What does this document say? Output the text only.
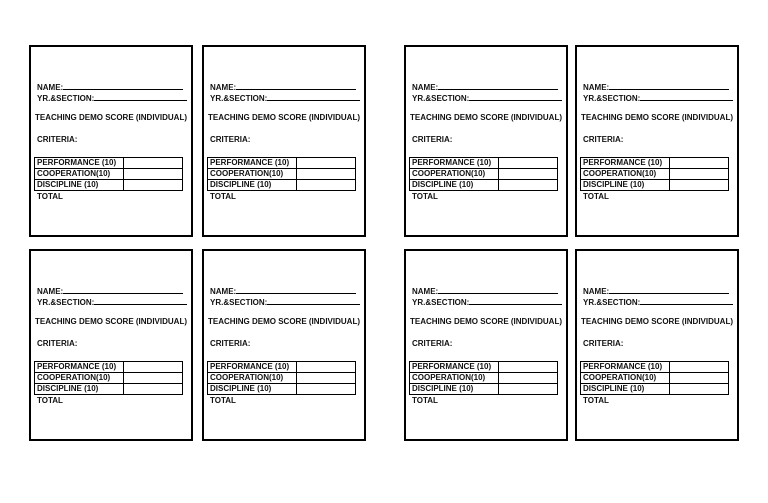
NAME:
YR.&SECTION:
TEACHING DEMO SCORE (INDIVIDUAL)
CRITERIA:
PERFORMANCE (10)	
COOPERATION(10)	
DISCIPLINE (10)	
TOTAL
NAME:
YR.&SECTION:
TEACHING DEMO SCORE (INDIVIDUAL)
CRITERIA:
PERFORMANCE (10)	
COOPERATION(10)	
DISCIPLINE (10)	
TOTAL
NAME:
YR.&SECTION:
TEACHING DEMO SCORE (INDIVIDUAL)
CRITERIA:
PERFORMANCE (10)	
COOPERATION(10)	
DISCIPLINE (10)	
TOTAL
NAME:
YR.&SECTION:
TEACHING DEMO SCORE (INDIVIDUAL)
CRITERIA:
PERFORMANCE (10)	
COOPERATION(10)	
DISCIPLINE (10)	
TOTAL
NAME:
YR.&SECTION:
TEACHING DEMO SCORE (INDIVIDUAL)
CRITERIA:
PERFORMANCE (10)	
COOPERATION(10)	
DISCIPLINE (10)	
TOTAL
NAME:
YR.&SECTION:
TEACHING DEMO SCORE (INDIVIDUAL)
CRITERIA:
PERFORMANCE (10)	
COOPERATION(10)	
DISCIPLINE (10)	
TOTAL
NAME:
YR.&SECTION:
TEACHING DEMO SCORE (INDIVIDUAL)
CRITERIA:
PERFORMANCE (10)	
COOPERATION(10)	
DISCIPLINE (10)	
TOTAL
NAME:
YR.&SECTION:
TEACHING DEMO SCORE (INDIVIDUAL)
CRITERIA:
PERFORMANCE (10)	
COOPERATION(10)	
DISCIPLINE (10)	
TOTAL
